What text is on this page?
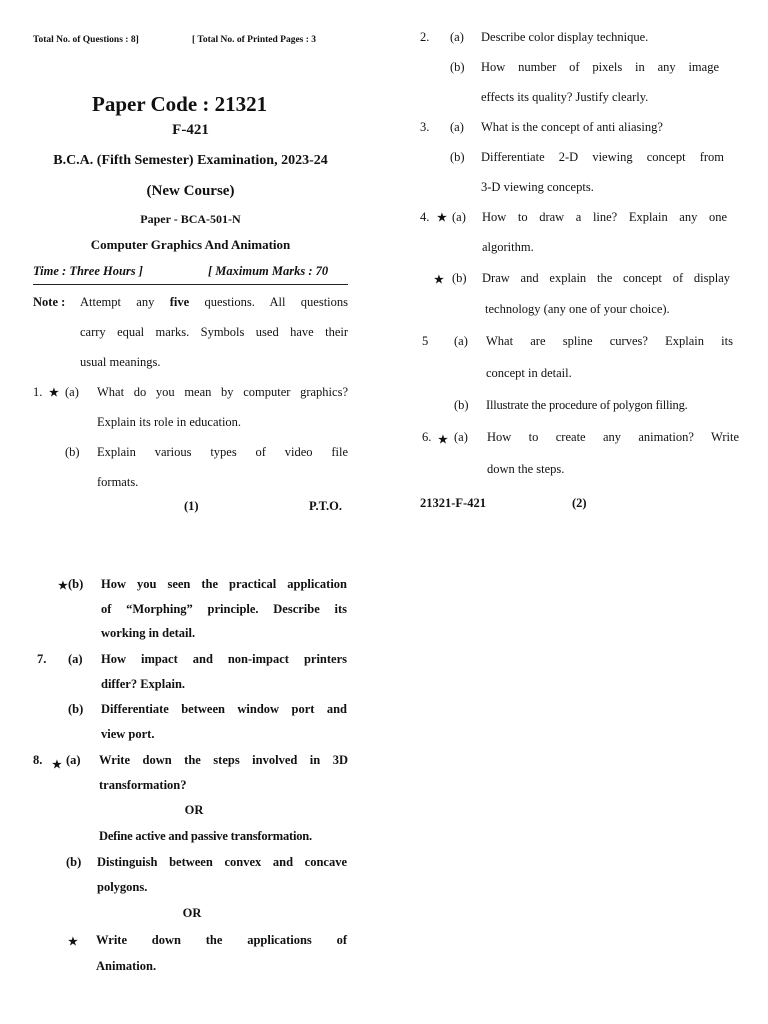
Total No. of Questions : 8]	[ Total No. of Printed Pages : 3
Paper Code : 21321
F-421
B.C.A. (Fifth Semester) Examination, 2023-24
(New Course)
Paper - BCA-501-N
Computer Graphics And Animation
Time : Three Hours ]	[ Maximum Marks : 70
Note : Attempt any five questions. All questions
carry equal marks. Symbols used have their
usual meanings.
1. ★ (a) What do you mean by computer graphics?
Explain its role in education.
(b) Explain various types of video file
formats.
(1)	P.T.O.
2. (a) Describe color display technique.
(b) How number of pixels in any image
effects its quality? Justify clearly.
3. (a) What is the concept of anti aliasing?
(b) Differentiate 2-D viewing concept from
3-D viewing concepts.
4. ★ (a) How to draw a line? Explain any one
algorithm.
★ (b) Draw and explain the concept of display
technology (any one of your choice).
5 (a) What are spline curves? Explain its
concept in detail.
(b) Illustrate the procedure of polygon filling.
6. ★ (a) How to create any animation? Write
down the steps.
21321-F-421	(2)
★ (b) How you seen the practical application
of “Morphing” principle. Describe its
working in detail.
7. (a) How impact and non-impact printers
differ? Explain.
(b) Differentiate between window port and
view port.
8. ★ (a) Write down the steps involved in 3D
transformation?
OR
Define active and passive transformation.
(b) Distinguish between convex and concave
polygons.
OR
★ Write down the applications of
Animation.
